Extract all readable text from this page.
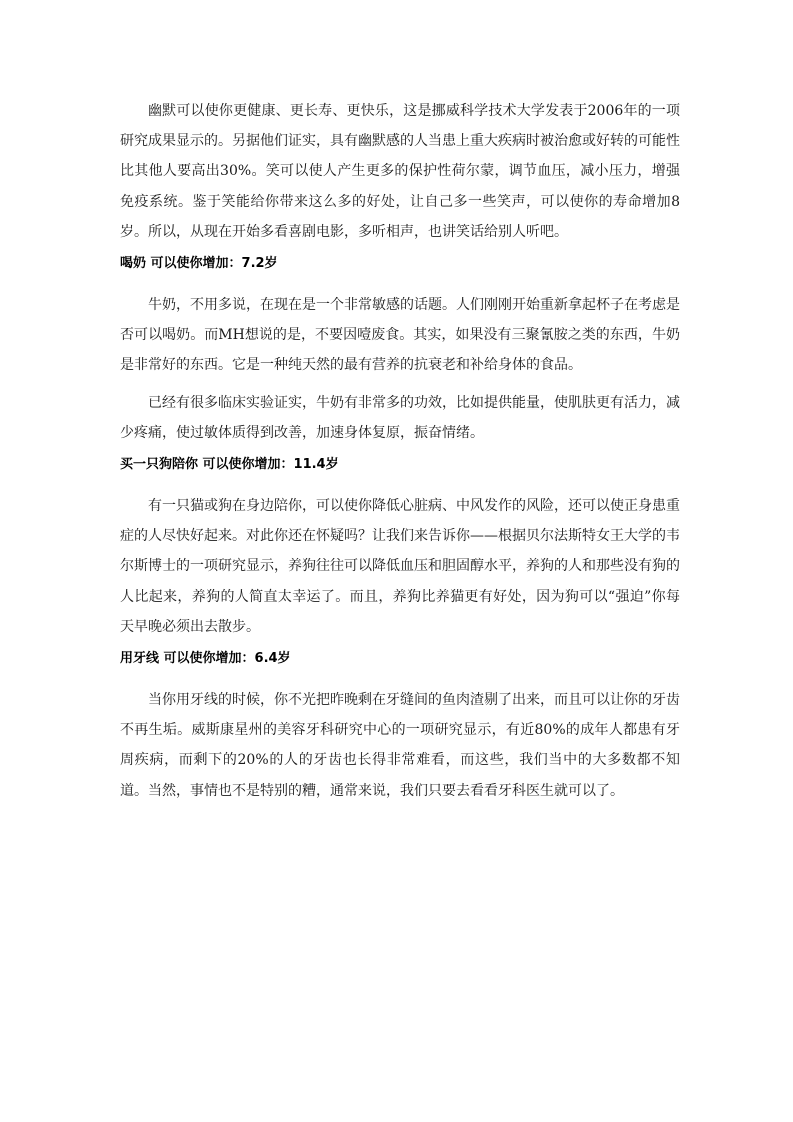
幽默可以使你更健康、更长寿、更快乐，这是挪威科学技术大学发表于2006年的一项研究成果显示的。另据他们证实，具有幽默感的人当患上重大疾病时被治愈或好转的可能性比其他人要高出30%。笑可以使人产生更多的保护性荷尔蒙，调节血压，减小压力，增强免疫系统。鉴于笑能给你带来这么多的好处，让自己多一些笑声，可以使你的寿命增加8岁。所以，从现在开始多看喜剧电影，多听相声，也讲笑话给别人听吧。

喝奶 可以使你增加：7.2岁

牛奶，不用多说，在现在是一个非常敏感的话题。人们刚刚开始重新拿起杯子在考虑是否可以喝奶。而MH想说的是，不要因噎废食。其实，如果没有三聚氰胺之类的东西，牛奶是非常好的东西。它是一种纯天然的最有营养的抗衰老和补给身体的食品。

已经有很多临床实验证实，牛奶有非常多的功效，比如提供能量，使肌肤更有活力，减少疼痛，使过敏体质得到改善，加速身体复原，振奋情绪。

买一只狗陪你 可以使你增加：11.4岁

有一只猫或狗在身边陪你，可以使你降低心脏病、中风发作的风险，还可以使正身患重症的人尽快好起来。对此你还在怀疑吗？让我们来告诉你——根据贝尔法斯特女王大学的韦尔斯博士的一项研究显示，养狗往往可以降低血压和胆固醇水平，养狗的人和那些没有狗的人比起来，养狗的人简直太幸运了。而且，养狗比养猫更有好处，因为狗可以“强迫”你每天早晚必须出去散步。

用牙线 可以使你增加：6.4岁

当你用牙线的时候，你不光把昨晚剩在牙缝间的鱼肉渣剔了出来，而且可以让你的牙齿不再生垢。威斯康星州的美容牙科研究中心的一项研究显示，有近80%的成年人都患有牙周疾病，而剩下的20%的人的牙齿也长得非常难看，而这些，我们当中的大多数都不知道。当然，事情也不是特别的糟，通常来说，我们只要去看看牙科医生就可以了。
